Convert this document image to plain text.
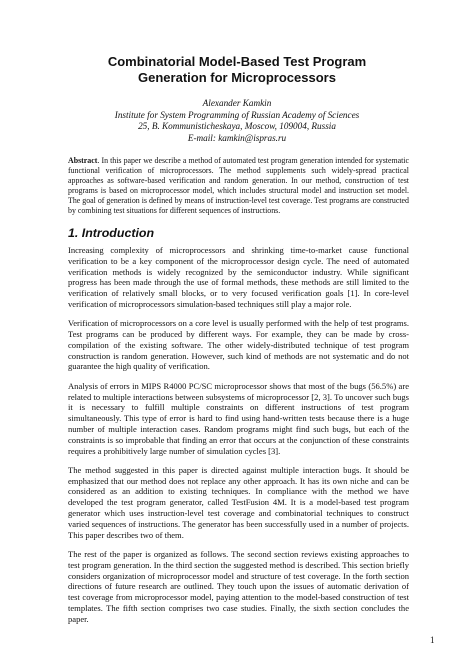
Combinatorial Model-Based Test Program
Generation for Microprocessors
Alexander Kamkin
Institute for System Programming of Russian Academy of Sciences
25, B. Kommunisticheskaya, Moscow, 109004, Russia
E-mail: kamkin@ispras.ru

Abstract. In this paper we describe a method of automated test program generation intended for systematic functional verification of microprocessors. The method supplements such widely-spread practical approaches as software-based verification and random generation. In our method, construction of test programs is based on microprocessor model, which includes structural model and instruction set model. The goal of generation is defined by means of instruction-level test coverage. Test programs are constructed by combining test situations for different sequences of instructions.

1. Introduction

Increasing complexity of microprocessors and shrinking time-to-market cause functional verification to be a key component of the microprocessor design cycle. The need of automated verification methods is widely recognized by the semiconductor industry. While significant progress has been made through the use of formal methods, these methods are still limited to the verification of relatively small blocks, or to very focused verification goals [1]. In core-level verification of microprocessors simulation-based techniques still play a major role.

Verification of microprocessors on a core level is usually performed with the help of test programs. Test programs can be produced by different ways. For example, they can be made by cross-compilation of the existing software. The other widely-distributed technique of test program construction is random generation. However, such kind of methods are not systematic and do not guarantee the high quality of verification.

Analysis of errors in MIPS R4000 PC/SC microprocessor shows that most of the bugs (56.5%) are related to multiple interactions between subsystems of microprocessor [2, 3]. To uncover such bugs it is necessary to fulfill multiple constraints on different instructions of test program simultaneously. This type of error is hard to find using hand-written tests because there is a huge number of multiple interaction cases. Random programs might find such bugs, but each of the constraints is so improbable that finding an error that occurs at the conjunction of these constraints requires a prohibitively large number of simulation cycles [3].

The method suggested in this paper is directed against multiple interaction bugs. It should be emphasized that our method does not replace any other approach. It has its own niche and can be considered as an addition to existing techniques. In compliance with the method we have developed the test program generator, called TestFusion 4M. It is a model-based test program generator which uses instruction-level test coverage and combinatorial techniques to construct varied sequences of instructions. The generator has been successfully used in a number of projects. This paper describes two of them.

The rest of the paper is organized as follows. The second section reviews existing approaches to test program generation. In the third section the suggested method is described. This section briefly considers organization of microprocessor model and structure of test coverage. In the forth section directions of future research are outlined. They touch upon the issues of automatic derivation of test coverage from microprocessor model, paying attention to the model-based construction of test templates. The fifth section comprises two case studies. Finally, the sixth section concludes the paper.

1
